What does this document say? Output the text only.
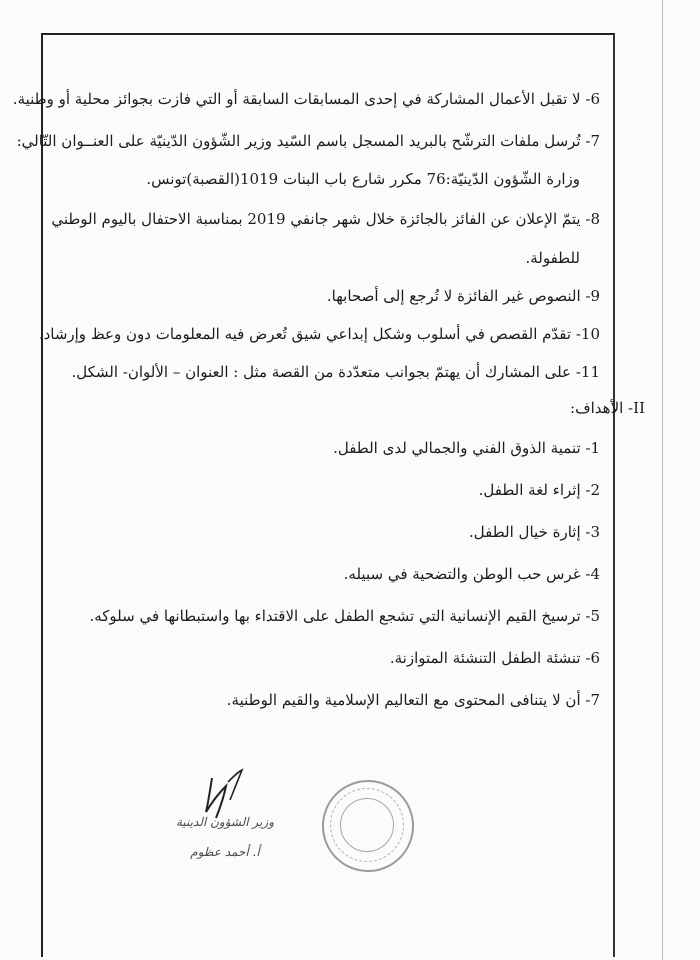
6- لا تقبل الأعمال المشاركة في إحدى المسابقات السابقة أو التي فازت بجوائز محلية أو وطنية.
7- تُرسل ملفات الترشّح بالبريد المسجل باسم السّيد وزير الشّؤون الدّينيّة على العنــوان التّالي:
وزارة الشّؤون الدّينيّة:76 مكرر شارع باب البنات 1019(القصبة)تونس.
8- يتمّ الإعلان عن الفائز بالجائزة خلال شهر جانفي 2019 بمناسبة الاحتفال باليوم الوطني
للطفولة.
9- النصوص غير الفائزة لا تُرجع إلى أصحابها.
10- تقدّم القصص في أسلوب وشكل إبداعي شيق تُعرض فيه المعلومات دون وعظ وإرشاد.
11- على المشارك أن يهتمّ بجوانب متعدّدة من القصة مثل : العنوان – الألوان- الشكل.
II- الأهداف:
1- تنمية الذوق الفني والجمالي لدى الطفل.
2- إثراء لغة الطفل.
3- إثارة خيال الطفل.
4- غرس حب الوطن والتضحية في سبيله.
5- ترسيخ القيم الإنسانية التي تشجع الطفل على الاقتداء بها واستبطانها في سلوكه.
6- تنشئة الطفل التنشئة المتوازنة.
7- أن لا يتنافى المحتوى مع التعاليم الإسلامية والقيم الوطنية.
وزير الشؤون الدينية
أ. أحمد عظوم
